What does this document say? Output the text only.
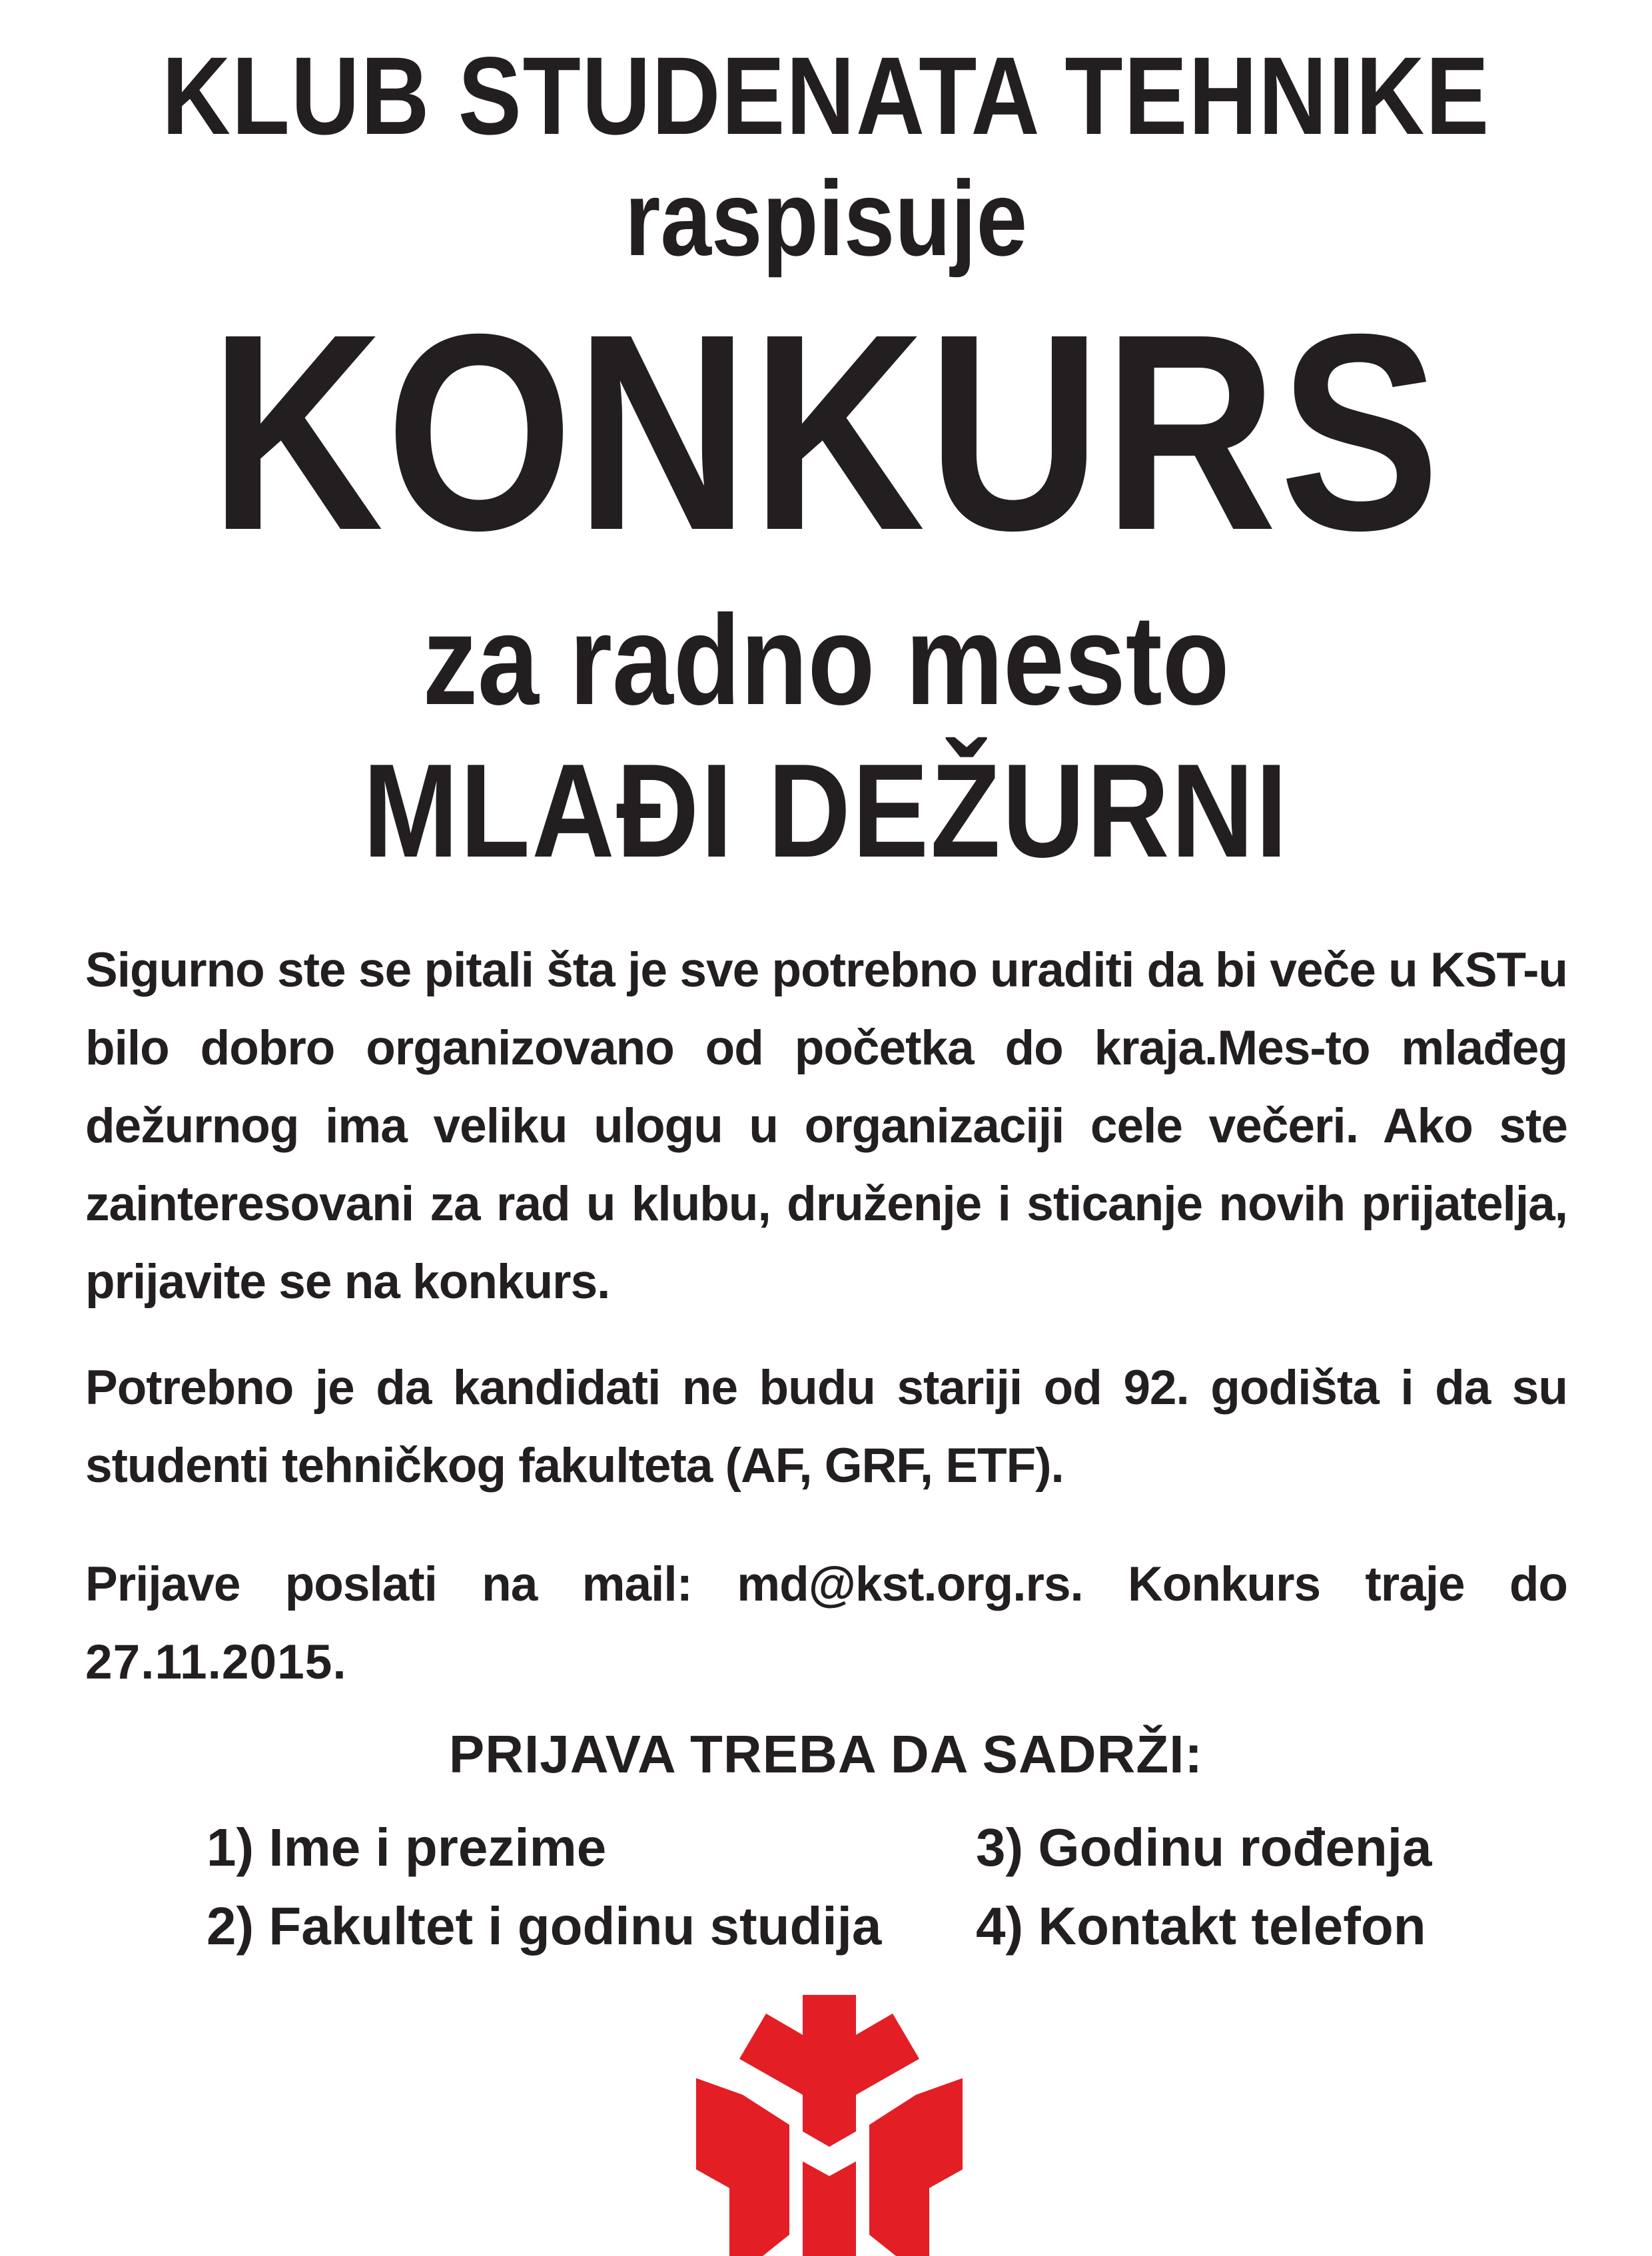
KLUB STUDENATA TEHNIKE
raspisuje
KONKURS
za radno mesto
MLAĐI DEŽURNI

Sigurno ste se pitali šta je sve potrebno uraditi da bi veče u KST-u bilo dobro organizovano od početka do kraja.Mes-to mlađeg dežurnog ima veliku ulogu u organizaciji cele večeri. Ako ste zainteresovani za rad u klubu, druženje i sticanje novih prijatelja, prijavite se na konkurs.

Potrebno je da kandidati ne budu stariji od 92. godišta i da su studenti tehničkog fakulteta (AF, GRF, ETF).

Prijave poslati na mail: md@kst.org.rs. Konkurs traje do 27.11.2015.

PRIJAVA TREBA DA SADRŽI:
1) Ime i prezime
2) Fakultet i godinu studija
3) Godinu rođenja
4) Kontakt telefon
